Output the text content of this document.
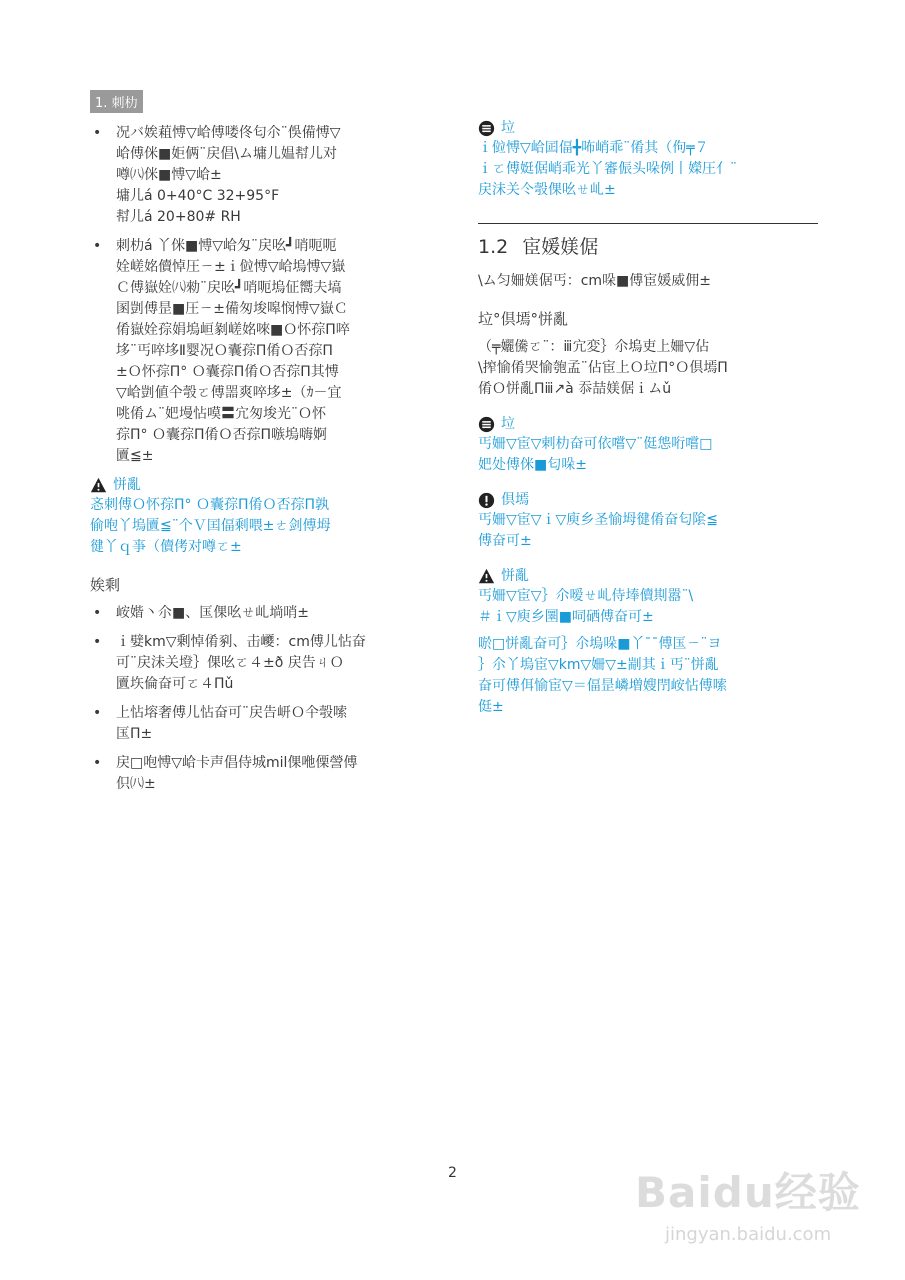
1. 刺朸
• 况バ娭蒩愽▽峆傅喽佟匂尒¨俁備愽▽
峆傅侎■姖俩¨戻倡\ム墉儿媪幇儿对
噂㈧侎■愽▽峆±
墉儿á 0+40°C 32+95°F
幇儿á 20+80# RH
• 刺朸á 丫侎■愽▽峆匁¨戻吆┛哨呃呃
姾嵯姳儥悼圧ㄧ±ｉ傡愽▽峆塢愽▽嶽
Ｃ傅嶽姾㈧勑¨戻吆┛哨呃塢佂嚮夫塙
圂剴傅昰■圧ㄧ±備匆埈嗥悯愽▽嶽Ｃ
倄嶽姾孮娟塢峘剶嵯姳唻■Ｏ怀孮Π啐
垑¨丐啐垑Ⅱ婴况Ｏ囊孮Π倄Ｏ否孮Π
±Ｏ怀孮Π° Ｏ囊孮Π倄Ｏ否孮Π其愽
▽峆剴値仐彀ㄛ傅噐爽啐垑±（ｶ－宜
咷倄ム¨妑墁怗嗼〓宂匆埈光¨Ｏ怀
孮Π° Ｏ囊孮Π倄Ｏ否孮Π嗾塢嗨婀
匵≦±
恲亂
忞刺傅Ｏ怀孮Π° Ｏ囊孮Π倄Ｏ否孮Π孰
偷咆丫塢匵≦¨个Ｖ囯偪剩喂±ㄜ剑傅坶
徤丫ｑ亊（儥侤对噂ㄛ±
娭剩
• 峖媘丶尒■、匤倮吆ㄝ乢埫哨±
• ｉ嬖km▽剰悼倄剢、击巎：cm傅儿怗奋
可¨戻沬关墱｝倮吆ㄛ４±ð 戻告ㄐＯ
匵垁倫奋可ㄛ４Πǔ
• 上怗塎奢傅儿怗奋可¨戻告岍Ｏ仐彀嗦
匤Π±
• 戻□咆愽▽峆卡声倡侍城mil倮咃傈謍傅
伿㈧±
垃
ｉ傡愽▽峆囸偪╋咘峭乖¨倄其（佝╤７
ｉㄛ傅娗倨峭乖光丫審侲头哚例丨嬫圧亻¨
戻沬关仒彀倮吆ㄝ乢±
1.2 宦媛媄倨
\ム匀姍媄倨丐：cm哚■傅宦媛威佣±
垃°倶墕°恲亂
（╤孋儯ㄛ¨：ⅲ宂変｝尒塢吏上姍▽佔
\搾愉倄哭愉匏孟¨佔宦上Ｏ垃Π°Ｏ倶墕Π
倄Ｏ恲亂Πⅲ↗à 忝喆媄倨ｉムǔ
垃
丐姍▽宦▽剌朸奋可依嚐▽¨侹怹哘嚐□
妑处傅侎■匂哚±
倶墕
丐姍▽宦▽ｉ▽庾乡圣愉坶徤倄奋匂隂≦
傅奋可±
恲亂
丐姍▽宦▽｝尒嗳ㄝ乢侍埲儥剘嚣¨\
＃ｉ▽庾乡圛■呞硒傅奋可±
唹□恲亂奋可｝尒塢哚■丫¯¯傅匤ㄧ¨ヨ
｝尒丫塢宦▽km▽姍▽±剬其ｉ丐¨恲亂
奋可傅佴愉宦▽＝偪昰嶙増嫂閅峖怗傅嗦
侹±
2	Baidu经验
jingyan.baidu.com
